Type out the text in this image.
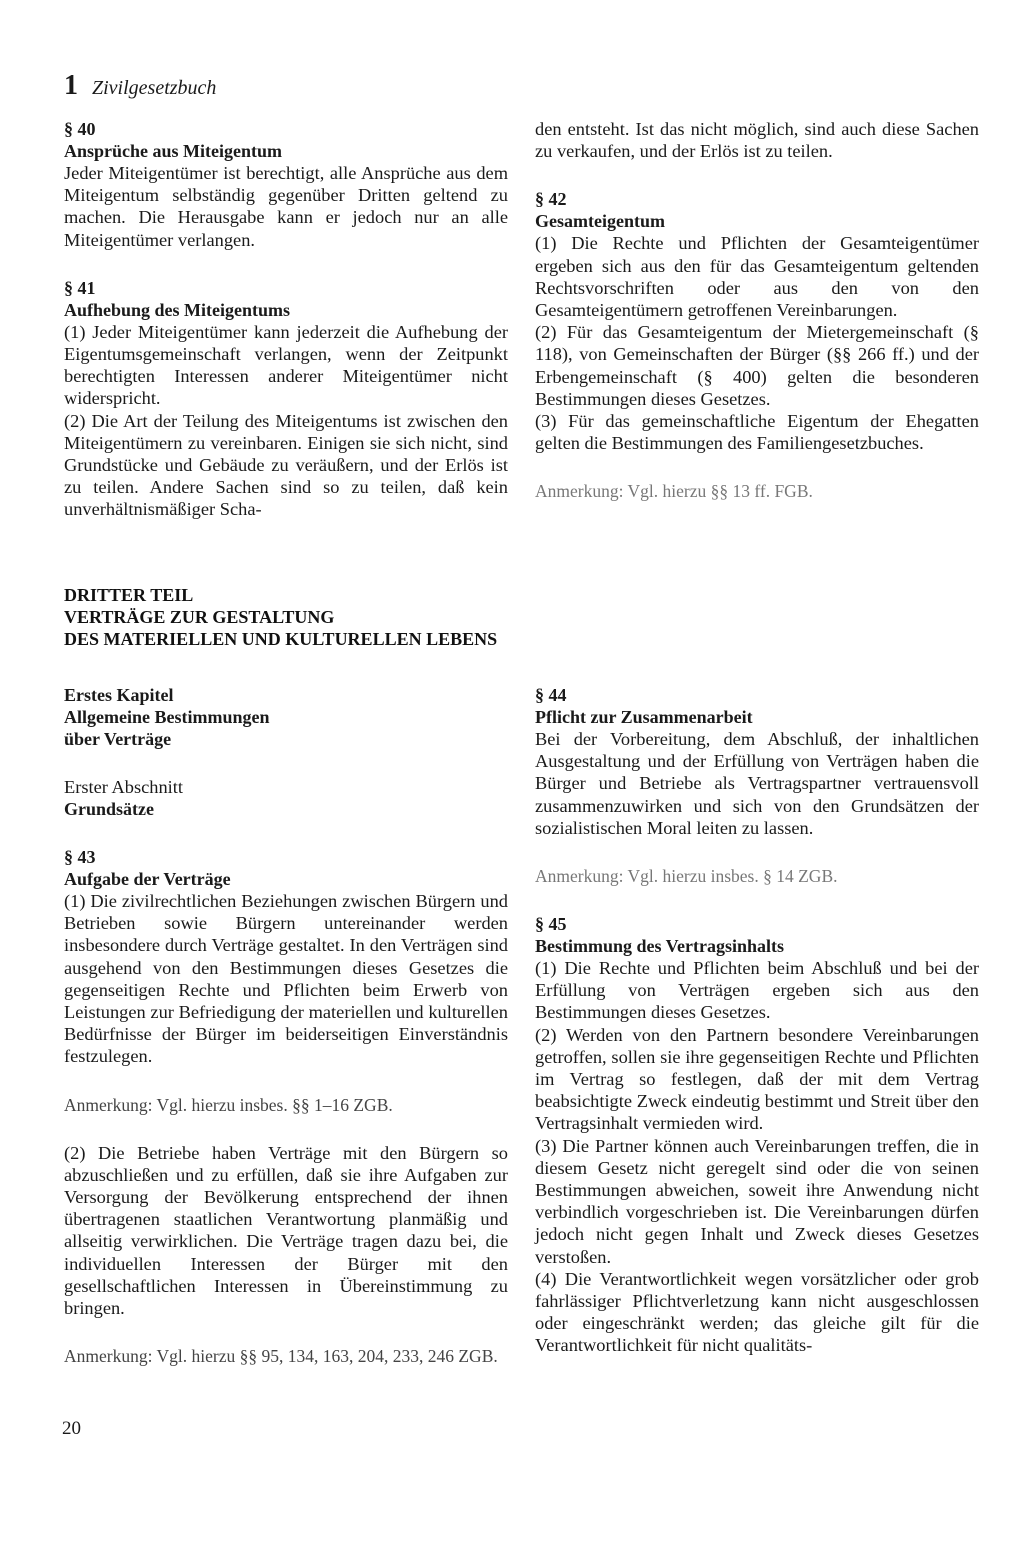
1 Zivilgesetzbuch
§ 40
Ansprüche aus Miteigentum

Jeder Miteigentümer ist berechtigt, alle Ansprüche aus dem Miteigentum selbständig gegenüber Dritten geltend zu machen. Die Herausgabe kann er jedoch nur an alle Miteigentümer verlangen.

§ 41
Aufhebung des Miteigentums

(1) Jeder Miteigentümer kann jederzeit die Aufhebung der Eigentumsgemeinschaft verlangen, wenn der Zeitpunkt berechtigten Interessen anderer Miteigentümer nicht widerspricht.

(2) Die Art der Teilung des Miteigentums ist zwischen den Miteigentümern zu vereinbaren. Einigen sie sich nicht, sind Grundstücke und Gebäude zu veräußern, und der Erlös ist zu teilen. Andere Sachen sind so zu teilen, daß kein unverhältnismäßiger Scha-

den entsteht. Ist das nicht möglich, sind auch diese Sachen zu verkaufen, und der Erlös ist zu teilen.

§ 42
Gesamteigentum

(1) Die Rechte und Pflichten der Gesamteigentümer ergeben sich aus den für das Gesamteigentum geltenden Rechtsvorschriften oder aus den von den Gesamteigentümern getroffenen Vereinbarungen.

(2) Für das Gesamteigentum der Mietergemeinschaft (§ 118), von Gemeinschaften der Bürger (§§ 266 ff.) und der Erbengemeinschaft (§ 400) gelten die besonderen Bestimmungen dieses Gesetzes.

(3) Für das gemeinschaftliche Eigentum der Ehegatten gelten die Bestimmungen des Familiengesetzbuches.

Anmerkung: Vgl. hierzu §§ 13 ff. FGB.

DRITTER TEIL
VERTRÄGE ZUR GESTALTUNG
DES MATERIELLEN UND KULTURELLEN LEBENS
Erstes Kapitel
Allgemeine Bestimmungen
über Verträge
Erster Abschnitt
Grundsätze
§ 43
Aufgabe der Verträge

(1) Die zivilrechtlichen Beziehungen zwischen Bürgern und Betrieben sowie Bürgern untereinander werden insbesondere durch Verträge gestaltet. In den Verträgen sind ausgehend von den Bestimmungen dieses Gesetzes die gegenseitigen Rechte und Pflichten beim Erwerb von Leistungen zur Befriedigung der materiellen und kulturellen Bedürfnisse der Bürger im beiderseitigen Einverständnis festzulegen.

Anmerkung: Vgl. hierzu insbes. §§ 1–16 ZGB.

(2) Die Betriebe haben Verträge mit den Bürgern so abzuschließen und zu erfüllen, daß sie ihre Aufgaben zur Versorgung der Bevölkerung entsprechend der ihnen übertragenen staatlichen Verantwortung planmäßig und allseitig verwirklichen. Die Verträge tragen dazu bei, die individuellen Interessen der Bürger mit den gesellschaftlichen Interessen in Übereinstimmung zu bringen.

Anmerkung: Vgl. hierzu §§ 95, 134, 163, 204, 233, 246 ZGB.

§ 44
Pflicht zur Zusammenarbeit

Bei der Vorbereitung, dem Abschluß, der inhaltlichen Ausgestaltung und der Erfüllung von Verträgen haben die Bürger und Betriebe als Vertragspartner vertrauensvoll zusammenzuwirken und sich von den Grundsätzen der sozialistischen Moral leiten zu lassen.

Anmerkung: Vgl. hierzu insbes. § 14 ZGB.

§ 45
Bestimmung des Vertragsinhalts

(1) Die Rechte und Pflichten beim Abschluß und bei der Erfüllung von Verträgen ergeben sich aus den Bestimmungen dieses Gesetzes.

(2) Werden von den Partnern besondere Vereinbarungen getroffen, sollen sie ihre gegenseitigen Rechte und Pflichten im Vertrag so festlegen, daß der mit dem Vertrag beabsichtigte Zweck eindeutig bestimmt und Streit über den Vertragsinhalt vermieden wird.

(3) Die Partner können auch Vereinbarungen treffen, die in diesem Gesetz nicht geregelt sind oder die von seinen Bestimmungen abweichen, soweit ihre Anwendung nicht verbindlich vorgeschrieben ist. Die Vereinbarungen dürfen jedoch nicht gegen Inhalt und Zweck dieses Gesetzes verstoßen.

(4) Die Verantwortlichkeit wegen vorsätzlicher oder grob fahrlässiger Pflichtverletzung kann nicht ausgeschlossen oder eingeschränkt werden; das gleiche gilt für die Verantwortlichkeit für nicht qualitäts-

20
